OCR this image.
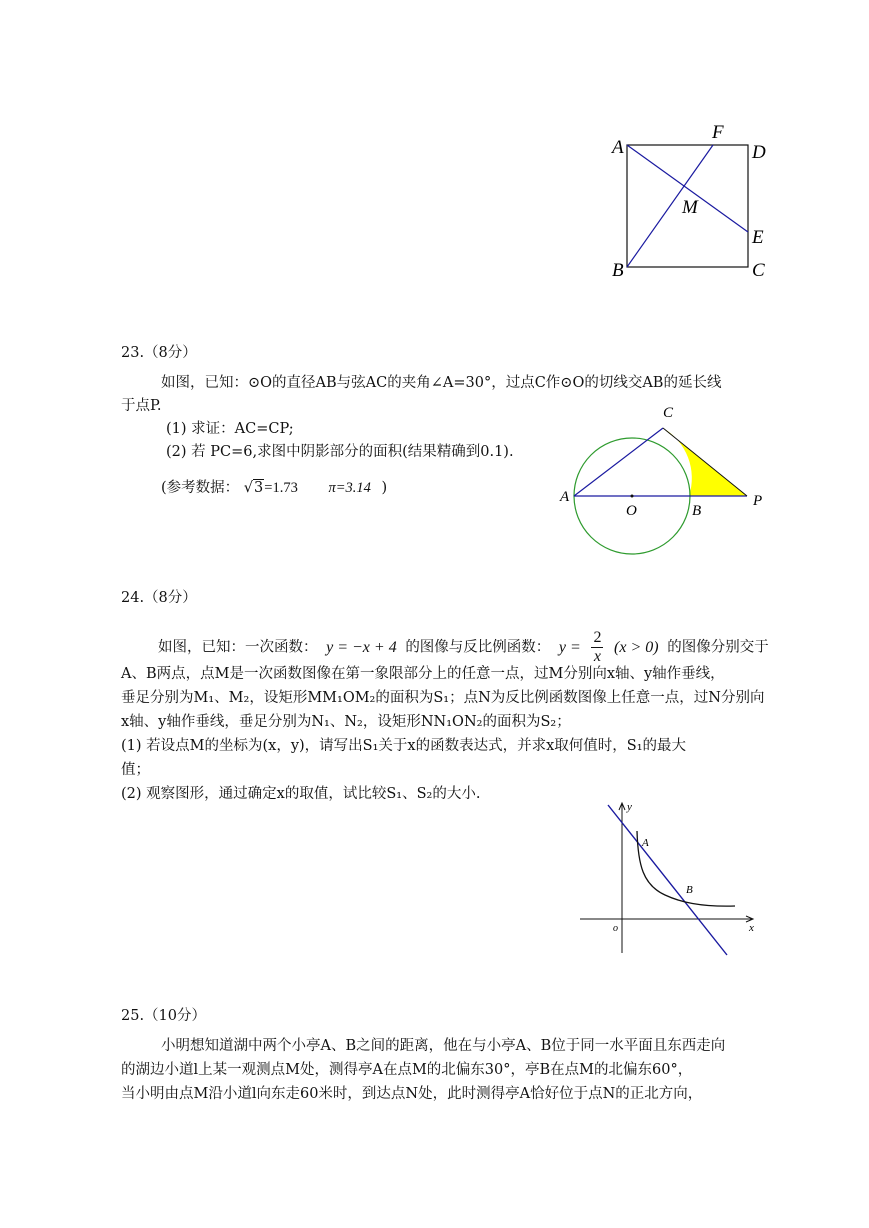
A
F
D
M
E
B	C
23.（8分）
如图，已知：⊙O的直径AB与弦AC的夹角∠A=30°，过点C作⊙O的切线交AB的延长线
于点P.
(1) 求证：AC=CP;
(2) 若 PC=6,求图中阴影部分的面积(结果精确到0.1).
(参考数据： √3=1.73 π=3.14 )
A
C
O	B
P
24.（8分）
如图，已知：一次函数： y = −x + 4 的图像与反比例函数： $y = \frac{2}{x} (x > 0)$ 的图像分别交于
A、B两点，点M是一次函数图像在第一象限部分上的任意一点，过M分别向x轴、y轴作垂线，
垂足分别为M₁、M₂，设矩形MM₁OM₂的面积为S₁；点N为反比例函数图像上任意一点，过N分别向
x轴、y轴作垂线，垂足分别为N₁、N₂，设矩形NN₁ON₂的面积为S₂；
(1) 若设点M的坐标为(x，y)，请写出S₁关于x的函数表达式，并求x取何值时，S₁的最大
值；
(2) 观察图形，通过确定x的取值，试比较S₁、S₂的大小.
y
x
o
A
B
25.（10分）
小明想知道湖中两个小亭A、B之间的距离，他在与小亭A、B位于同一水平面且东西走向
的湖边小道l上某一观测点M处，测得亭A在点M的北偏东30°，亭B在点M的北偏东60°，
当小明由点M沿小道l向东走60米时，到达点N处，此时测得亭A恰好位于点N的正北方向，
